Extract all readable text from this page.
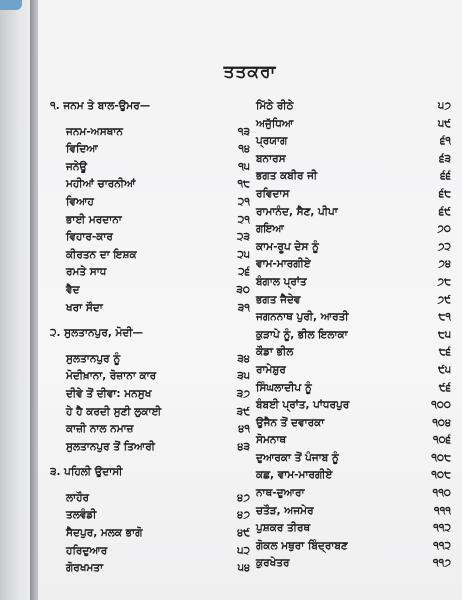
ਤਤਕਰਾ
੧. ਜਨਮ ਤੇ ਬਾਲ-ਉਮਰ—
ਜਨਮ-ਅਸਥਾਨ	੧੩
ਵਿਦਿਆ	੧੪
ਜਨੇਊ	੧੫
ਮਹੀਆਂ ਚਾਰਨੀਆਂ	੧੮
ਵਿਆਹ	੨੧
ਭਾਈ ਮਰਦਾਨਾ	੨੧
ਵਿਹਾਰ-ਕਾਰ	੨੩
ਕੀਰਤਨ ਦਾ ਇਸ਼ਕ	੨੫
ਰਮਤੇ ਸਾਧ	੨੬
ਵੈਦ	੩੦
ਖਰਾ ਸੌਦਾ	੩੧
੨. ਸੁਲਤਾਨਪੁਰ, ਮੋਦੀ—
ਸੁਲਤਾਨਪੁਰ ਨੂੰ	੩੪
ਮੋਦੀਖ਼ਾਨਾ, ਰੋਜ਼ਾਨਾ ਕਾਰ	੩੫
ਦੀਵੇ ਤੋਂ ਦੀਵਾ: ਮਨਸੁਖ	੩੭
ਹੇ ਹੈ ਕਰਦੀ ਸੁਣੀ ਲੁਕਾਈ	੩੯
ਕਾਜ਼ੀ ਨਾਲ ਨਮਾਜ਼	੪੧
ਸੁਲਤਾਨਪੁਰ ਤੋਂ ਤਿਆਰੀ	੪੩
੩. ਪਹਿਲੀ ਉਦਾਸੀ
ਲਾਹੌਰ	੪੭
ਤਲਵੰਡੀ	੪੭
ਸੈਦਪੁਰ, ਮਲਕ ਭਾਗੋ	੪੯
ਹਰਿਦੁਆਰ	੫੨
ਗੋਰਖਮਤਾ	੫੪
ਮਿੱਠੇ ਰੀਠੇ	੫੭
ਅਜੁੱਧਿਆ	੫੯
ਪ੍ਰਯਾਗ	੬੧
ਬਨਾਰਸ	੬੩
ਭਗਤ ਕਬੀਰ ਜੀ	੬੬
ਰਵਿਦਾਸ	੬੮
ਰਾਮਾਨੰਦ, ਸੈਣ, ਪੀਪਾ	੬੯
ਗਇਆ	੭੦
ਕਾਮ-ਰੂਪ ਦੇਸ ਨੂੰ	੭੨
ਵਾਮ-ਮਾਰਗੀਏ	੭੪
ਬੰਗਾਲ ਪ੍ਰਾਂਤ	੭੮
ਭਗਤ ਜੈਦੇਵ	੭੯
ਜਗਨਨਾਥ ਪੁਰੀ, ਆਰਤੀ	੮੧
ਕੁੜਾਪੇ ਨੂੰ, ਭੀਲ ਇਲਾਕਾ	੮੫
ਕੌਡਾ ਭੀਲ	੮੬
ਰਾਮੇਸ਼ੁਰ	੯੫
ਸਿੰਘਲਾਦੀਪ ਨੂੰ	੯੬
ਬੰਬਈ ਪ੍ਰਾਂਤ, ਪਾਂਧਰਪੁਰ	੧੦੦
ਉਜੈਨ ਤੋਂ ਦਵਾਰਕਾ	੧੦੪
ਸੋਮਨਾਥ	੧੦੬
ਦੁਆਰਕਾ ਤੋਂ ਪੰਜਾਬ ਨੂੰ	੧੦੮
ਕਛ, ਵਾਮ-ਮਾਰਗੀਏ	੧੦੮
ਨਾਥ-ਦੁਆਰਾ	੧੧੦
ਚਤੌੜ, ਅਜਮੇਰ	੧੧੧
ਪੁਸ਼ਕਰ ਤੀਰਥ	੧੧੨
ਗੋਕਲ ਮਥੁਰਾ ਬਿੰਦ੍ਰਾਬਣ	੧੧੨
ਕੁਰਖੇਤਰ	੧੧੭
